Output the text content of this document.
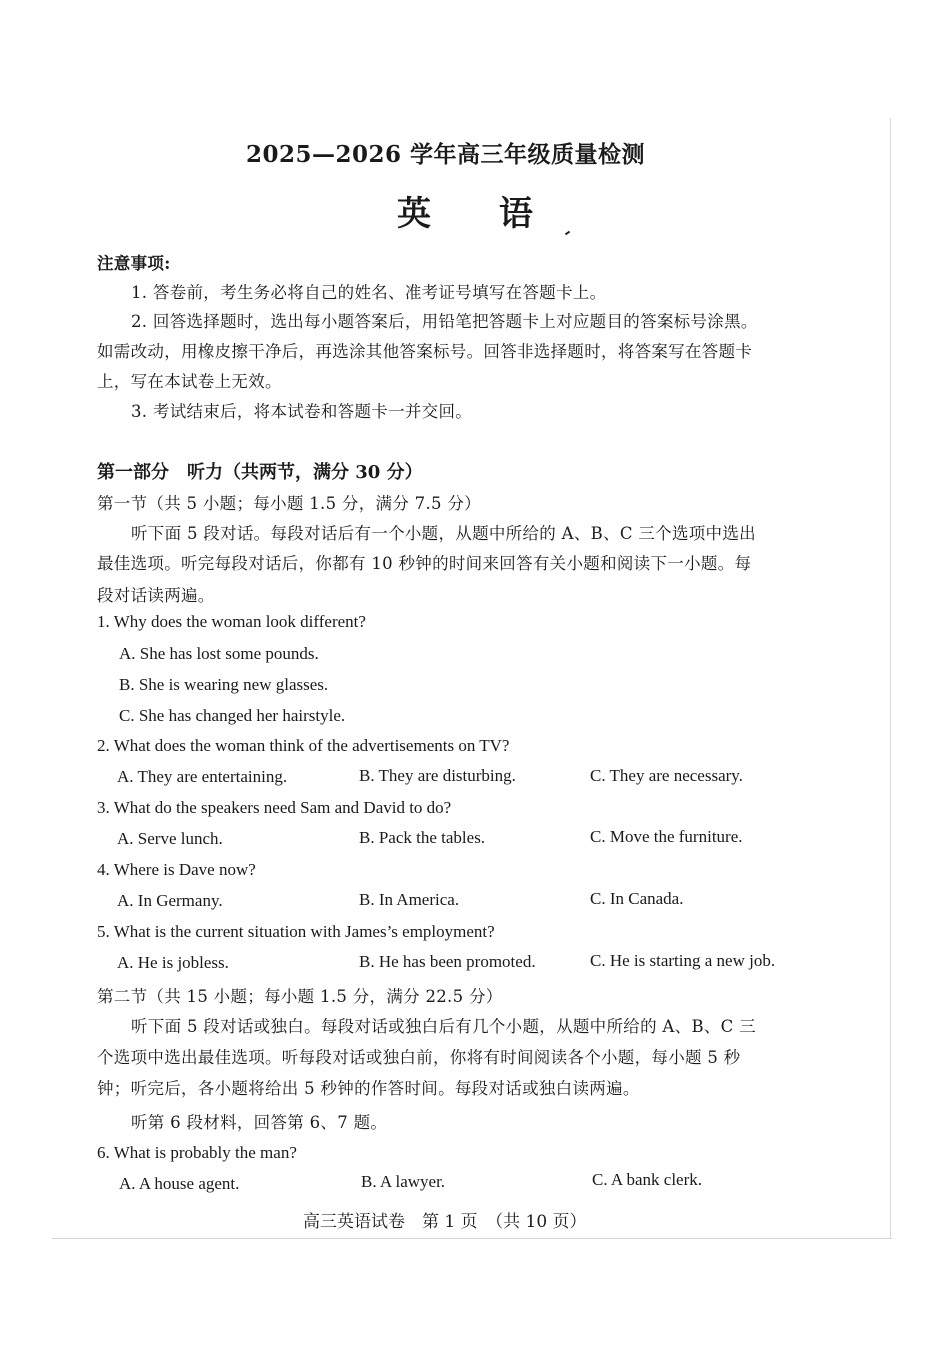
2025—2026 学年高三年级质量检测
英 语
注意事项:
1. 答卷前，考生务必将自己的姓名、准考证号填写在答题卡上。
2. 回答选择题时，选出每小题答案后，用铅笔把答题卡上对应题目的答案标号涂黑。
如需改动，用橡皮擦干净后，再选涂其他答案标号。回答非选择题时，将答案写在答题卡
上，写在本试卷上无效。
3. 考试结束后，将本试卷和答题卡一并交回。
第一部分　听力（共两节，满分 30 分）
第一节（共 5 小题；每小题 1.5 分，满分 7.5 分）
听下面 5 段对话。每段对话后有一个小题，从题中所给的 A、B、C 三个选项中选出
最佳选项。听完每段对话后，你都有 10 秒钟的时间来回答有关小题和阅读下一小题。每
段对话读两遍。
1. Why does the woman look different?
A. She has lost some pounds.
B. She is wearing new glasses.
C. She has changed her hairstyle.
2. What does the woman think of the advertisements on TV?
A. They are entertaining.	B. They are disturbing.	C. They are necessary.
3. What do the speakers need Sam and David to do?
A. Serve lunch.	B. Pack the tables.	C. Move the furniture.
4. Where is Dave now?
A. In Germany.	B. In America.	C. In Canada.
5. What is the current situation with James’s employment?
A. He is jobless.	B. He has been promoted.	C. He is starting a new job.
第二节（共 15 小题；每小题 1.5 分，满分 22.5 分）
听下面 5 段对话或独白。每段对话或独白后有几个小题，从题中所给的 A、B、C 三
个选项中选出最佳选项。听每段对话或独白前，你将有时间阅读各个小题，每小题 5 秒
钟；听完后，各小题将给出 5 秒钟的作答时间。每段对话或独白读两遍。
听第 6 段材料，回答第 6、7 题。
6. What is probably the man?
A. A house agent.	B. A lawyer.	C. A bank clerk.
高三英语试卷　第 1 页　（共 10 页）
